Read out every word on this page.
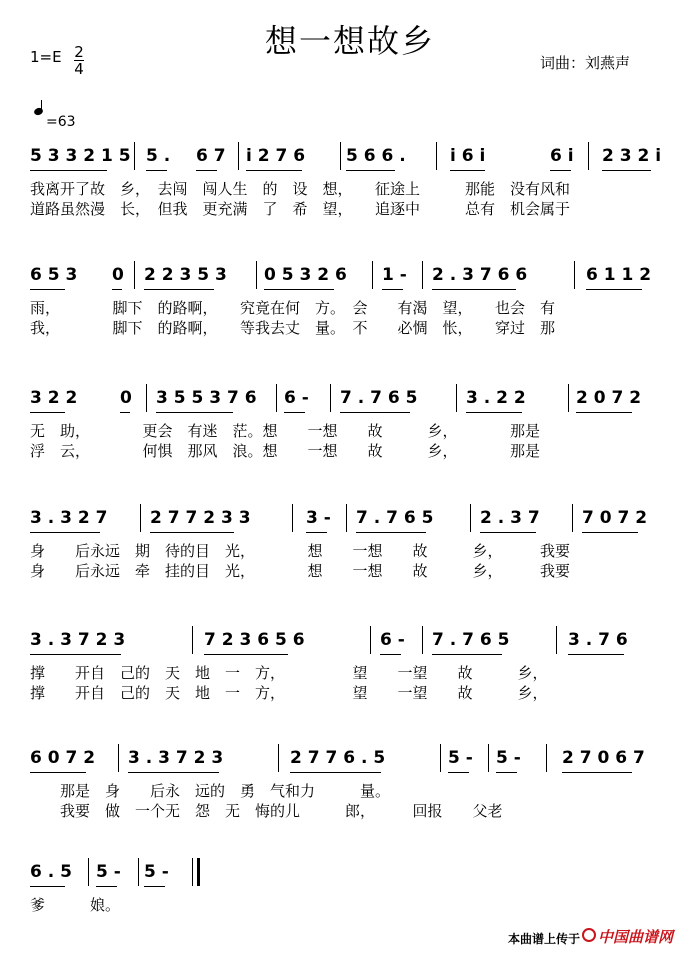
想一想故乡
1=E 2
4	词曲：刘燕声
=63
5 3 3 2 1 5 5 . 6 7 i 2 7 6 5 6 6 .	i 6 i	6 i 2 3 2 i
我离开了故　乡，　去闯　闯人生　的　设　想，　　征途上　　　那能　没有风和
道路虽然漫　长，　但我　更充满　了　希　望，　　追逐中　　　总有　机会属于
6 5 3 0 2 2 3 5 3 0 5 3 2 6 1 - 2 . 3 7 6 6	6 1 1 2
雨，　　　　脚下　的路啊，　　究竟在何　方。　会　　有渴　望，　　也会　有
我，　　　　脚下　的路啊，　　等我去丈　量。　不　　必惆　怅，　　穿过　那
3 2 2	0 3 5 5 3 7 6 6 - 7 . 7 6 5	3 . 2 2	2 0 7 2
无　助，　　　　更会　有迷　茫。想　　一想　　故　　　乡，　　　　那是
浮　云，　　　　何惧　那风　浪。想　　一想　　故　　　乡，　　　　那是
3 . 3 2 7	2 7 7 2 3 3	3 - 7 . 7 6 5	2 . 3 7 7 0 7 2
身　　后永远　期　待的目　光，　　　　想　　一想　　故　　　乡，　　　我要
身　　后永远　牵　挂的目　光，　　　　想　　一想　　故　　　乡，　　　我要
3 . 3 7 2 3	7 2 3 6 5 6	6 - 7 . 7 6 5	3 . 7 6
撑　　开自　己的　天　地　一　方，　　　　　望　　一望　　故　　　乡，
撑　　开自　己的　天　地　一　方，　　　　　望　　一望　　故　　　乡，
6 0 7 2 3 . 3 7 2 3	2 7 7 6 . 5	5 - 5 - 2 7 0 6 7
　　那是　身　　后永　远的　勇　气和力　　　量。
　　我要　做　一个无　怨　无　悔的儿　　　郎，　　　回报　　父老
6 . 5 5 - 5 -
爹　　　娘。
本曲谱上传于 中国曲谱网
